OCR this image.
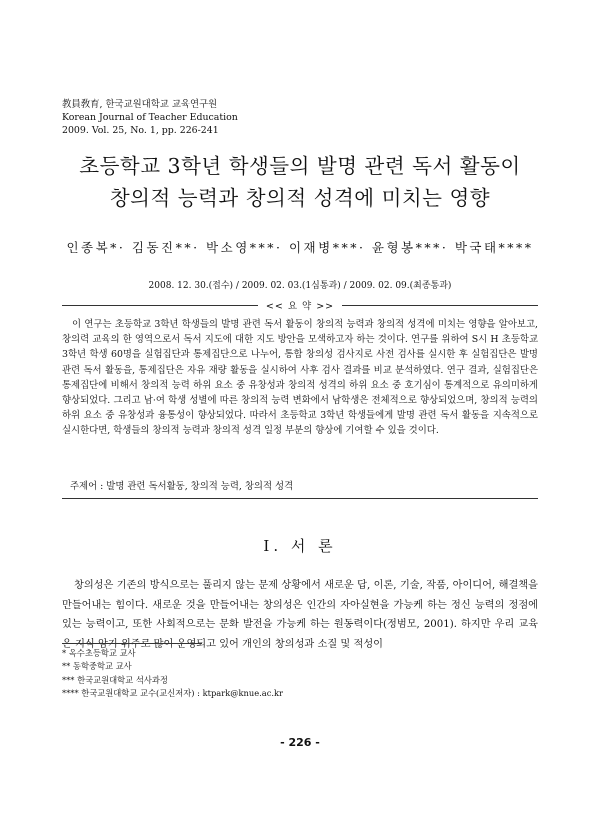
教員敎育, 한국교원대학교 교육연구원
Korean Journal of Teacher Education
2009. Vol. 25, No. 1, pp. 226-241
초등학교 3학년 학생들의 발명 관련 독서 활동이
창의적 능력과 창의적 성격에 미치는 영향
인종복*· 김동진**· 박소영***· 이재병***· 윤형봉***· 박국태****
2008. 12. 30.(접수) / 2009. 02. 03.(1심통과) / 2009. 02. 09.(최종통과)
<< 요 약 >>

이 연구는 초등학교 3학년 학생들의 발명 관련 독서 활동이 창의적 능력과 창의적 성격에 미치는 영향을 알아보고, 창의력 교육의 한 영역으로서 독서 지도에 대한 지도 방안을 모색하고자 하는 것이다. 연구를 위하여 S시 H 초등학교 3학년 학생 60명을 실험집단과 통제집단으로 나누어, 통합 창의성 검사지로 사전 검사를 실시한 후 실험집단은 발명 관련 독서 활동을, 통제집단은 자유 재량 활동을 실시하여 사후 검사 결과를 비교 분석하였다. 연구 결과, 실험집단은 통제집단에 비해서 창의적 능력 하위 요소 중 유창성과 창의적 성격의 하위 요소 중 호기심이 통계적으로 유의미하게 향상되었다. 그리고 남·여 학생 성별에 따른 창의적 능력 변화에서 남학생은 전체적으로 향상되었으며, 창의적 능력의 하위 요소 중 유창성과 융통성이 향상되었다. 따라서 초등학교 3학년 학생들에게 발명 관련 독서 활동을 지속적으로 실시한다면, 학생들의 창의적 능력과 창의적 성격 일정 부분의 향상에 기여할 수 있을 것이다.

주제어 : 발명 관련 독서활동, 창의적 능력, 창의적 성격
Ⅰ. 서 론

창의성은 기존의 방식으로는 풀리지 않는 문제 상황에서 새로운 답, 이론, 기술, 작품, 아이디어, 해결책을 만들어내는 힘이다. 새로운 것을 만들어내는 창의성은 인간의 자아실현을 가능케 하는 정신 능력의 정점에 있는 능력이고, 또한 사회적으로는 문화 발전을 가능케 하는 원동력이다(정범모, 2001). 하지만 우리 교육은 지식 암기 위주로 많이 운영되고 있어 개인의 창의성과 소질 및 적성이

* 옥수초등학교 교사
** 동학중학교 교사
*** 한국교원대학교 석사과정
**** 한국교원대학교 교수(교신저자) : ktpark@knue.ac.kr
- 226 -
